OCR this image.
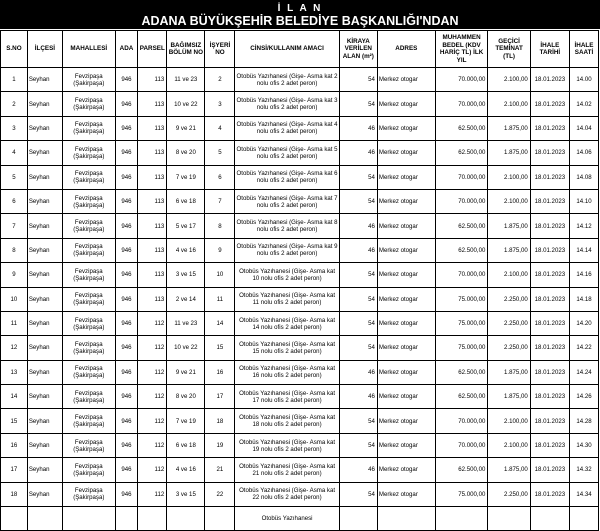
İ L A N
ADANA BÜYÜKŞEHİR BELEDİYE BAŞKANLIĞI'NDAN
S.NO	İLÇESİ	MAHALLESİ	ADA	PARSEL	BAĞIMSIZ BÖLÜM NO	İŞYERİ NO	CİNSİ/KULLANIM AMACI	KİRAYA VERİLEN ALAN (m²)	ADRES	MUHAMMEN BEDEL (KDV HARİÇ TL) İLK YIL	GEÇİCİ TEMİNAT (TL)	İHALE TARİHİ	İHALE SAATİ
1	Seyhan	Fevzipaşa (Şakirpaşa)	946	113	11 ve 23	2	Otobüs Yazıhanesi (Gişe- Asma kat 2 nolu ofis 2 adet peron)	54	Merkez otogar	70.000,00	2.100,00	18.01.2023	14.00
2	Seyhan	Fevzipaşa (Şakirpaşa)	946	113	10 ve 22	3	Otobüs Yazıhanesi (Gişe- Asma kat 3 nolu ofis 2 adet peron)	54	Merkez otogar	70.000,00	2.100,00	18.01.2023	14.02
3	Seyhan	Fevzipaşa (Şakirpaşa)	946	113	9 ve 21	4	Otobüs Yazıhanesi (Gişe- Asma kat 4 nolu ofis 2 adet peron)	46	Merkez otogar	62.500,00	1.875,00	18.01.2023	14.04
4	Seyhan	Fevzipaşa (Şakirpaşa)	946	113	8 ve 20	5	Otobüs Yazıhanesi (Gişe- Asma kat 5 nolu ofis 2 adet peron)	46	Merkez otogar	62.500,00	1.875,00	18.01.2023	14.06
5	Seyhan	Fevzipaşa (Şakirpaşa)	946	113	7 ve 19	6	Otobüs Yazıhanesi (Gişe- Asma kat 6 nolu ofis 2 adet peron)	54	Merkez otogar	70.000,00	2.100,00	18.01.2023	14.08
6	Seyhan	Fevzipaşa (Şakirpaşa)	946	113	6 ve 18	7	Otobüs Yazıhanesi (Gişe- Asma kat 7 nolu ofis 2 adet peron)	54	Merkez otogar	70.000,00	2.100,00	18.01.2023	14.10
7	Seyhan	Fevzipaşa (Şakirpaşa)	946	113	5 ve 17	8	Otobüs Yazıhanesi (Gişe- Asma kat 8 nolu ofis 2 adet peron)	46	Merkez otogar	62.500,00	1.875,00	18.01.2023	14.12
8	Seyhan	Fevzipaşa (Şakirpaşa)	946	113	4 ve 16	9	Otobüs Yazıhanesi (Gişe- Asma kat 9 nolu ofis 2 adet peron)	46	Merkez otogar	62.500,00	1.875,00	18.01.2023	14.14
9	Seyhan	Fevzipaşa (Şakirpaşa)	946	113	3 ve 15	10	Otobüs Yazıhanesi (Gişe- Asma kat 10 nolu ofis 2 adet peron)	54	Merkez otogar	70.000,00	2.100,00	18.01.2023	14.16
10	Seyhan	Fevzipaşa (Şakirpaşa)	946	113	2 ve 14	11	Otobüs Yazıhanesi (Gişe- Asma kat 11 nolu ofis 2 adet peron)	54	Merkez otogar	75.000,00	2.250,00	18.01.2023	14.18
11	Seyhan	Fevzipaşa (Şakirpaşa)	946	112	11 ve 23	14	Otobüs Yazıhanesi (Gişe- Asma kat 14 nolu ofis 2 adet peron)	54	Merkez otogar	75.000,00	2.250,00	18.01.2023	14.20
12	Seyhan	Fevzipaşa (Şakirpaşa)	946	112	10 ve 22	15	Otobüs Yazıhanesi (Gişe- Asma kat 15 nolu ofis 2 adet peron)	54	Merkez otogar	75.000,00	2.250,00	18.01.2023	14.22
13	Seyhan	Fevzipaşa (Şakirpaşa)	946	112	9 ve 21	16	Otobüs Yazıhanesi (Gişe- Asma kat 16 nolu ofis 2 adet peron)	46	Merkez otogar	62.500,00	1.875,00	18.01.2023	14.24
14	Seyhan	Fevzipaşa (Şakirpaşa)	946	112	8 ve 20	17	Otobüs Yazıhanesi (Gişe- Asma kat 17 nolu ofis 2 adet peron)	46	Merkez otogar	62.500,00	1.875,00	18.01.2023	14.26
15	Seyhan	Fevzipaşa (Şakirpaşa)	946	112	7 ve 19	18	Otobüs Yazıhanesi (Gişe- Asma kat 18 nolu ofis 2 adet peron)	54	Merkez otogar	70.000,00	2.100,00	18.01.2023	14.28
16	Seyhan	Fevzipaşa (Şakirpaşa)	946	112	6 ve 18	19	Otobüs Yazıhanesi (Gişe- Asma kat 19 nolu ofis 2 adet peron)	54	Merkez otogar	70.000,00	2.100,00	18.01.2023	14.30
17	Seyhan	Fevzipaşa (Şakirpaşa)	946	112	4 ve 16	21	Otobüs Yazıhanesi (Gişe- Asma kat 21 nolu ofis 2 adet peron)	46	Merkez otogar	62.500,00	1.875,00	18.01.2023	14.32
18	Seyhan	Fevzipaşa (Şakirpaşa)	946	112	3 ve 15	22	Otobüs Yazıhanesi (Gişe- Asma kat 22 nolu ofis 2 adet peron)	54	Merkez otogar	75.000,00	2.250,00	18.01.2023	14.34
							Otobüs Yazıhanesi						
